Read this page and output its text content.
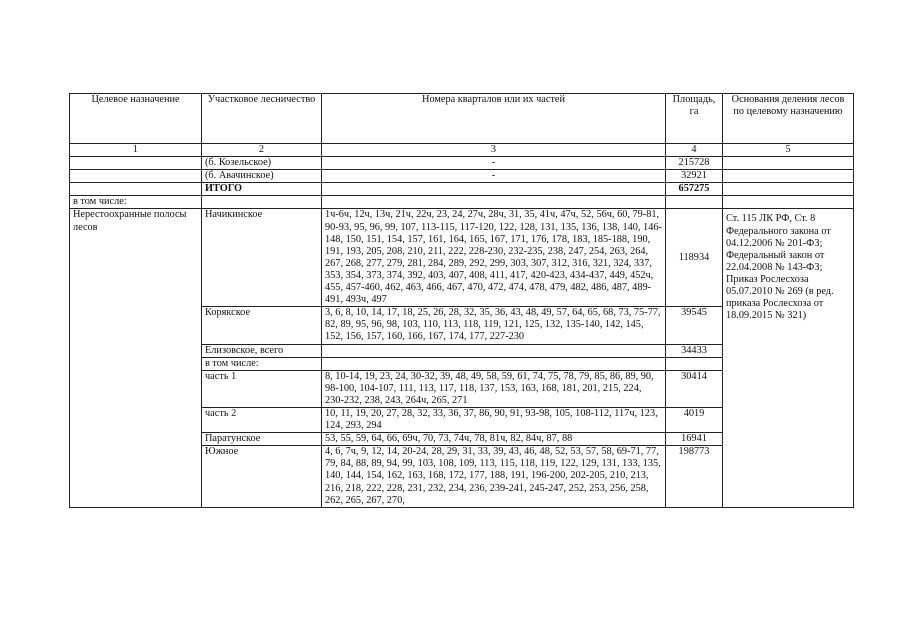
Целевое назначение	Участковое лесничество	Номера кварталов или их частей	Площадь, га	Основания деления лесов по целевому назначению
1	2	3	4	5
	(б. Козельское)	-	215728	
	(б. Авачинское)	-	32921	
	ИТОГО		657275	
в том числе:				
Нерестоохранные полосы лесов	Начикинское	1ч-6ч, 12ч, 13ч, 21ч, 22ч, 23, 24, 27ч, 28ч, 31, 35, 41ч, 47ч, 52, 56ч, 60, 79-81, 90-93, 95, 96, 99, 107, 113-115, 117-120, 122, 128, 131, 135, 136, 138, 140, 146-148, 150, 151, 154, 157, 161, 164, 165, 167, 171, 176, 178, 183, 185-188, 190, 191, 193, 205, 208, 210, 211, 222, 228-230, 232-235, 238, 247, 254, 263, 264, 267, 268, 277, 279, 281, 284, 289, 292, 299, 303, 307, 312, 316, 321, 324, 337, 353, 354, 373, 374, 392, 403, 407, 408, 411, 417, 420-423, 434-437, 449, 452ч, 455, 457-460, 462, 463, 466, 467, 470, 472, 474, 478, 479, 482, 486, 487, 489-491, 493ч, 497	118934	Ст. 115 ЛК РФ, Ст. 8 Федерального закона от 04.12.2006 № 201-ФЗ; Федеральный закон от 22.04.2008 № 143-ФЗ; Приказ Рослесхоза 05.07.2010 № 269 (в ред. приказа Рослесхоза от 18.09.2015 № 321)
	Корякское	3, 6, 8, 10, 14, 17, 18, 25, 26, 28, 32, 35, 36, 43, 48, 49, 57, 64, 65, 68, 73, 75-77, 82, 89, 95, 96, 98, 103, 110, 113, 118, 119, 121, 125, 132, 135-140, 142, 145, 152, 156, 157, 160, 166, 167, 174, 177, 227-230	39545	
	Елизовское, всего		34433	
	в том числе:			
	часть 1	8, 10-14, 19, 23, 24, 30-32, 39, 48, 49, 58, 59, 61, 74, 75, 78, 79, 85, 86, 89, 90, 98-100, 104-107, 111, 113, 117, 118, 137, 153, 163, 168, 181, 201, 215, 224, 230-232, 238, 243, 264ч, 265, 271	30414	
	часть 2	10, 11, 19, 20, 27, 28, 32, 33, 36, 37, 86, 90, 91, 93-98, 105, 108-112, 117ч, 123, 124, 293, 294	4019	
	Паратунское	53, 55, 59, 64, 66, 69ч, 70, 73, 74ч, 78, 81ч, 82, 84ч, 87, 88	16941	
	Южное	4, 6, 7ч, 9, 12, 14, 20-24, 28, 29, 31, 33, 39, 43, 46, 48, 52, 53, 57, 58, 69-71, 77, 79, 84, 88, 89, 94, 99, 103, 108, 109, 113, 115, 118, 119, 122, 129, 131, 133, 135, 140, 144, 154, 162, 163, 168, 172, 177, 188, 191, 196-200, 202-205, 210, 213, 216, 218, 222, 228, 231, 232, 234, 236, 239-241, 245-247, 252, 253, 256, 258, 262, 265, 267, 270,	198773	
